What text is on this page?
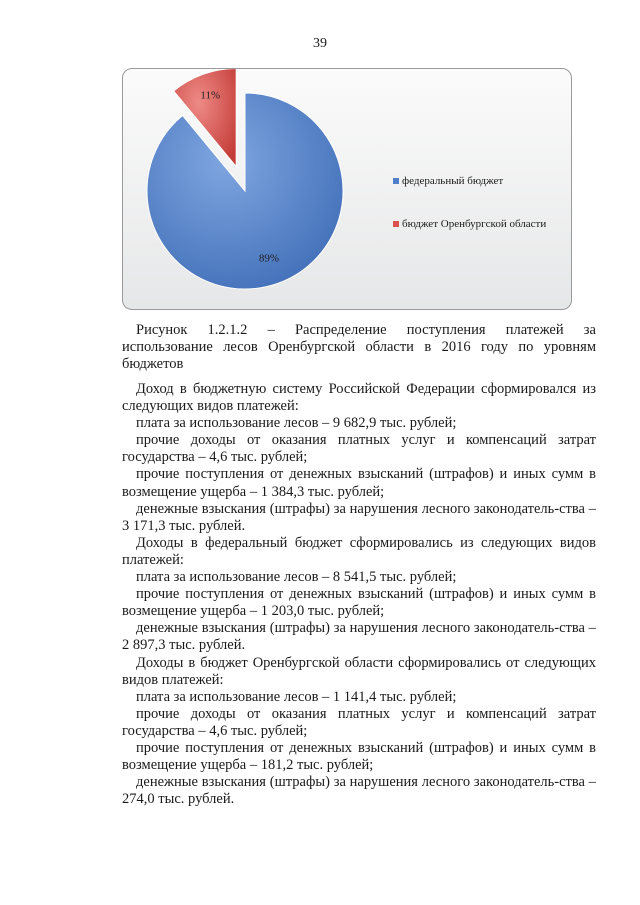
39
11%
89%
федеральный бюджет
бюджет Оренбургской области
Рисунок 1.2.1.2 – Распределение поступления платежей за
использование лесов Оренбургской области в 2016 году по уровням бюджетов

Доход в бюджетную систему Российской Федерации сформировался из следующих видов платежей:

плата за использование лесов – 9 682,9 тыс. рублей;

прочие доходы от оказания платных услуг и компенсаций затрат государства – 4,6 тыс. рублей;

прочие поступления от денежных взысканий (штрафов) и иных сумм в возмещение ущерба – 1 384,3 тыс. рублей;

денежные взыскания (штрафы) за нарушения лесного законодатель-ства – 3 171,3 тыс. рублей.

Доходы в федеральный бюджет сформировались из следующих видов платежей:

плата за использование лесов – 8 541,5 тыс. рублей;

прочие поступления от денежных взысканий (штрафов) и иных сумм в возмещение ущерба – 1 203,0 тыс. рублей;

денежные взыскания (штрафы) за нарушения лесного законодатель-ства – 2 897,3 тыс. рублей.

Доходы в бюджет Оренбургской области сформировались от следующих видов платежей:

плата за использование лесов – 1 141,4 тыс. рублей;

прочие доходы от оказания платных услуг и компенсаций затрат государства – 4,6 тыс. рублей;

прочие поступления от денежных взысканий (штрафов) и иных сумм в возмещение ущерба – 181,2 тыс. рублей;

денежные взыскания (штрафы) за нарушения лесного законодатель-ства – 274,0 тыс. рублей.
